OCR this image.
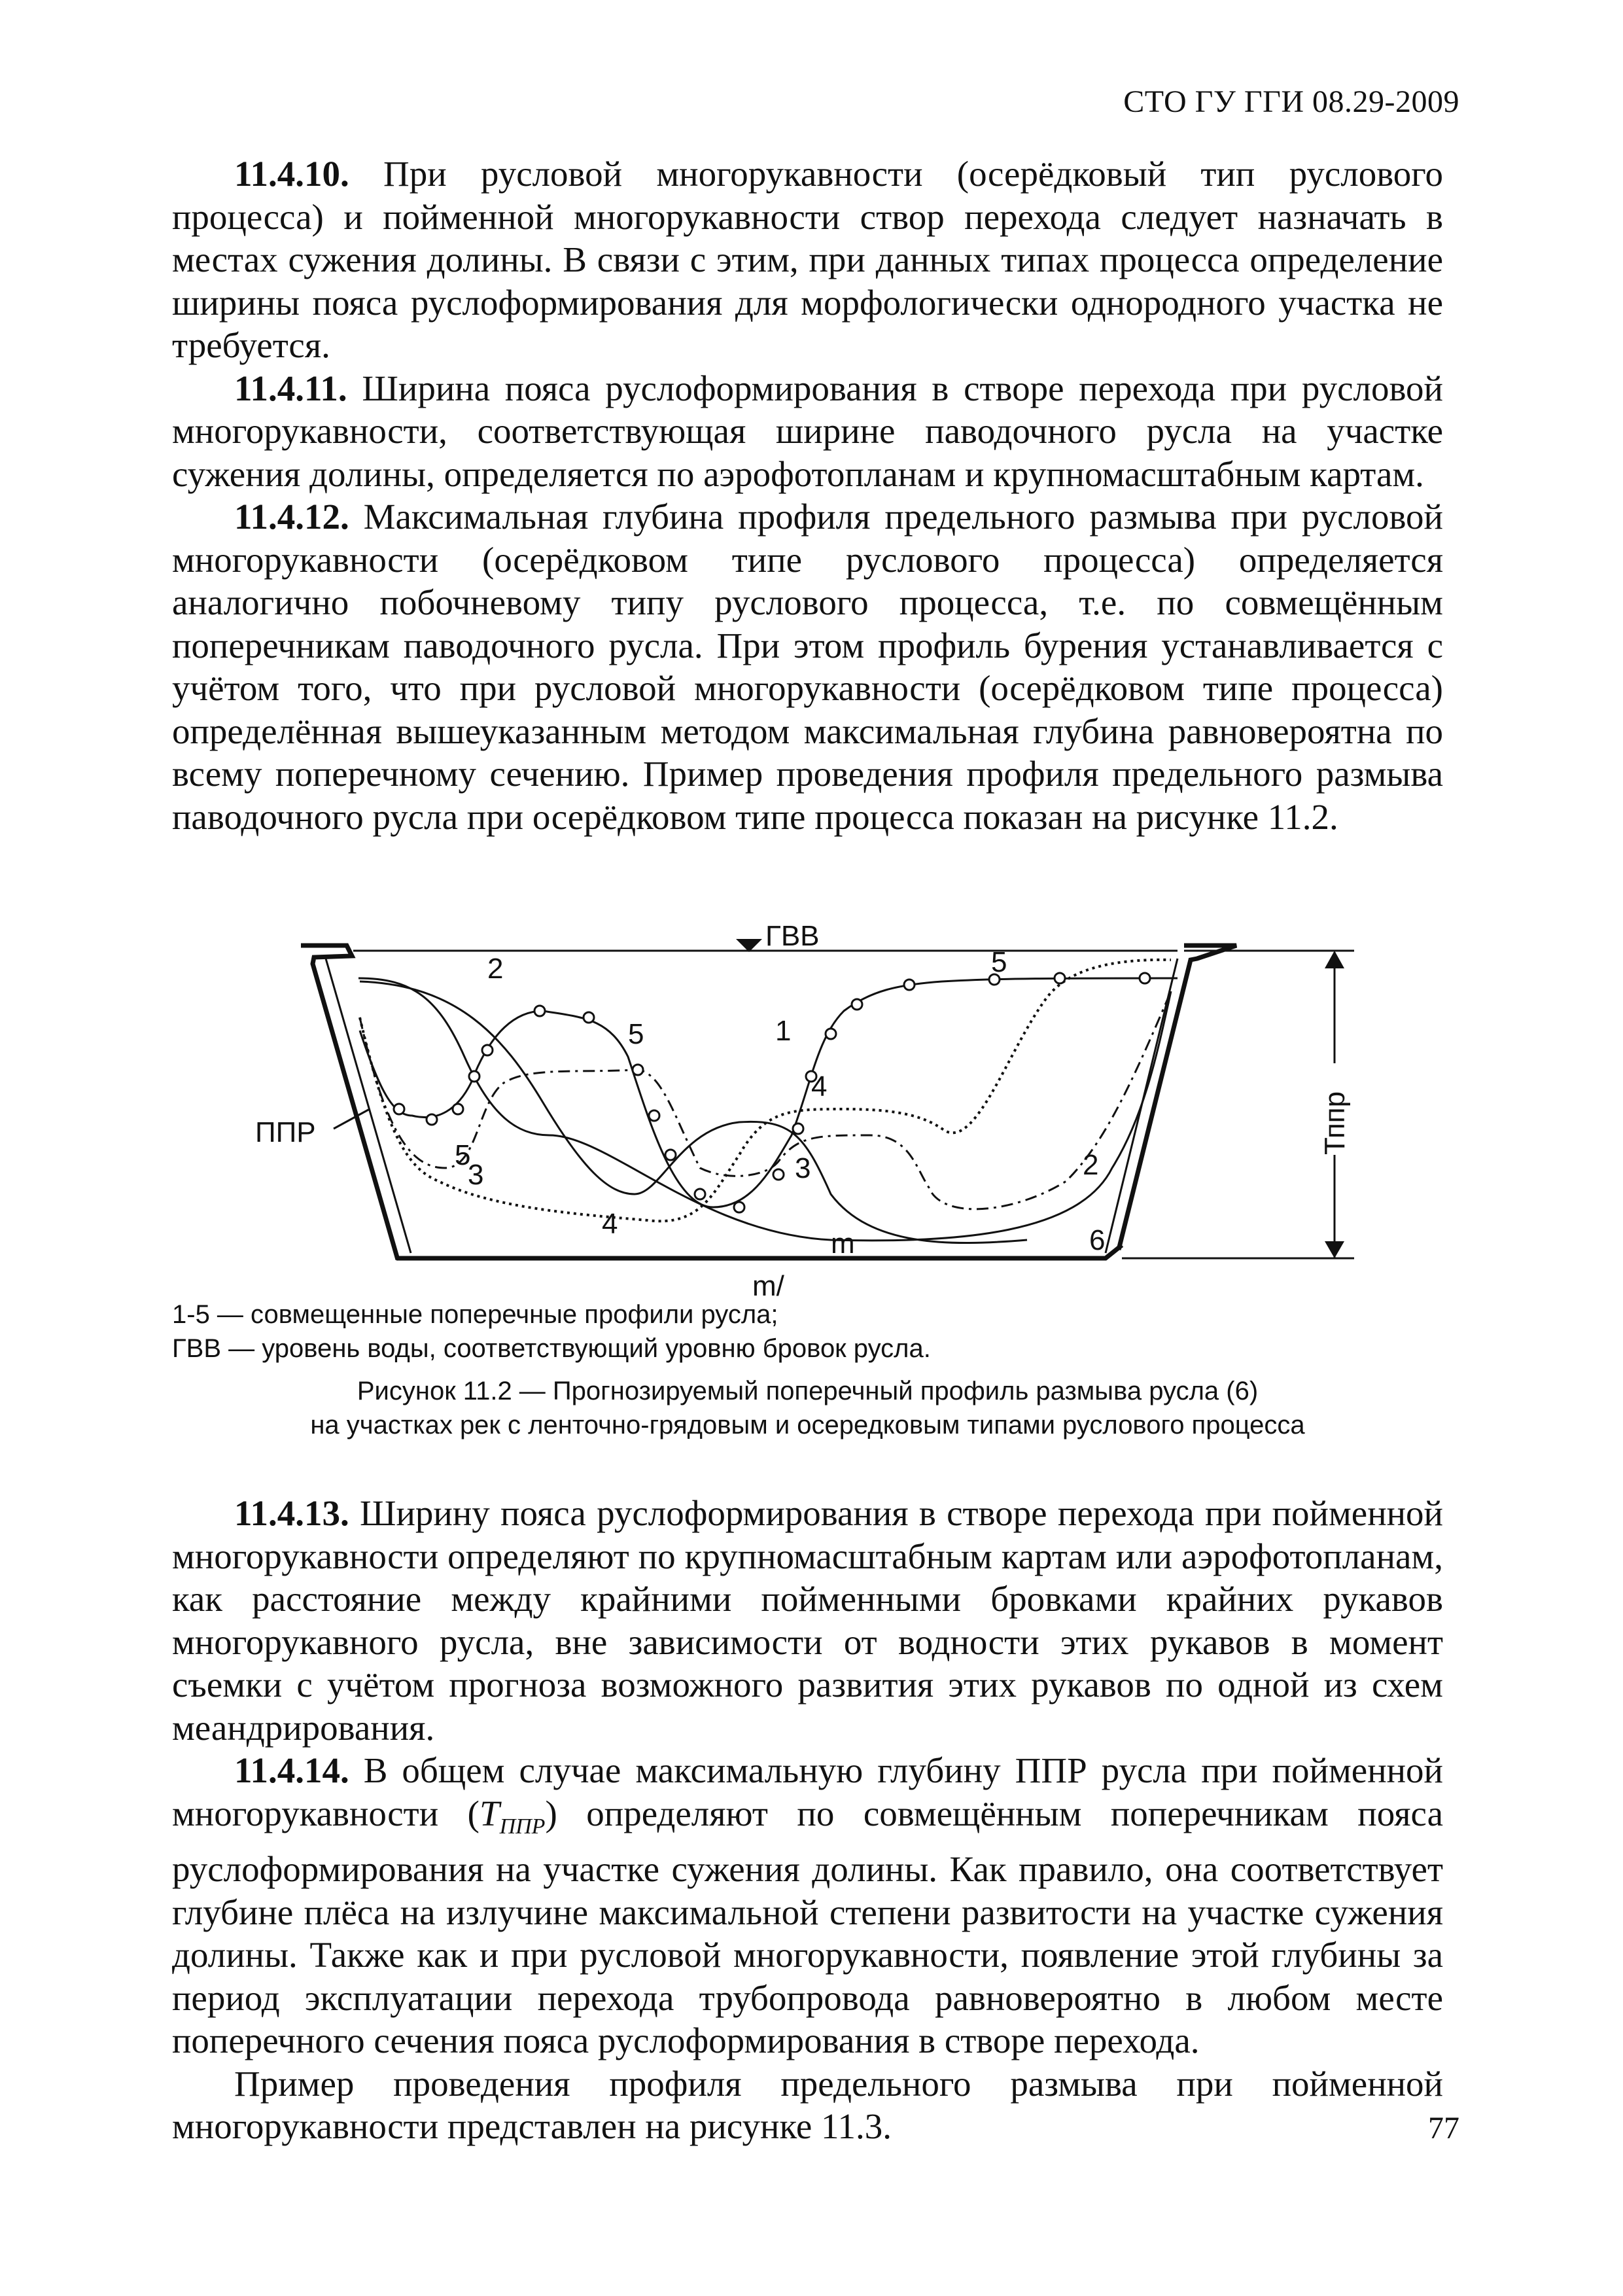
СТО ГУ ГГИ 08.29-2009

11.4.10. При русловой многорукавности (осерёдковый тип руслового процесса) и пойменной многорукавности створ перехода следует назначать в местах сужения долины. В связи с этим, при данных типах процесса определение ширины пояса руслоформирования для морфологически однородного участка не требуется.

11.4.11. Ширина пояса руслоформирования в створе перехода при русловой многорукавности, соответствующая ширине паводочного русла на участке сужения долины, определяется по аэрофотопланам и крупномасштабным картам.

11.4.12. Максимальная глубина профиля предельного размыва при русловой многорукавности (осерёдковом типе руслового процесса) определяется аналогично побочневому типу руслового процесса, т.е. по совмещённым поперечникам паводочного русла. При этом профиль бурения устанавливается с учётом того, что при русловой многорукавности (осерёдковом типе процесса) определённая вышеуказанным методом максимальная глубина равновероятна по всему поперечному сечению. Пример проведения профиля предельного размыва паводочного русла при осерёдковом типе процесса показан на рисунке 11.2.

Тппр
ППР
ГВВ
2
5	1
4
5
5
3	3	2
4
6
m
m/
1-5 — совмещенные поперечные профили русла;
ГВВ — уровень воды, соответствующий уровню бровок русла.
Рисунок 11.2 — Прогнозируемый поперечный профиль размыва русла (6)
на участках рек с ленточно-грядовым и осередковым типами руслового процесса

11.4.13. Ширину пояса руслоформирования в створе перехода при пойменной многорукавности определяют по крупномасштабным картам или аэрофотопланам, как расстояние между крайними пойменными бровками крайних рукавов многорукавного русла, вне зависимости от водности этих рукавов в момент съемки с учётом прогноза возможного развития этих рукавов по одной из схем меандрирования.

11.4.14. В общем случае максимальную глубину ППР русла при пойменной многорукавности $(T_{ППР})$ определяют по совмещённым поперечникам пояса руслоформирования на участке сужения долины. Как правило, она соответствует глубине плёса на излучине максимальной степени развитости на участке сужения долины. Также как и при русловой многорукавности, появление этой глубины за период эксплуатации перехода трубопровода равновероятно в любом месте поперечного сечения пояса руслоформирования в створе перехода.

Пример проведения профиля предельного размыва при пойменной многорукавности представлен на рисунке 11.3.	77
